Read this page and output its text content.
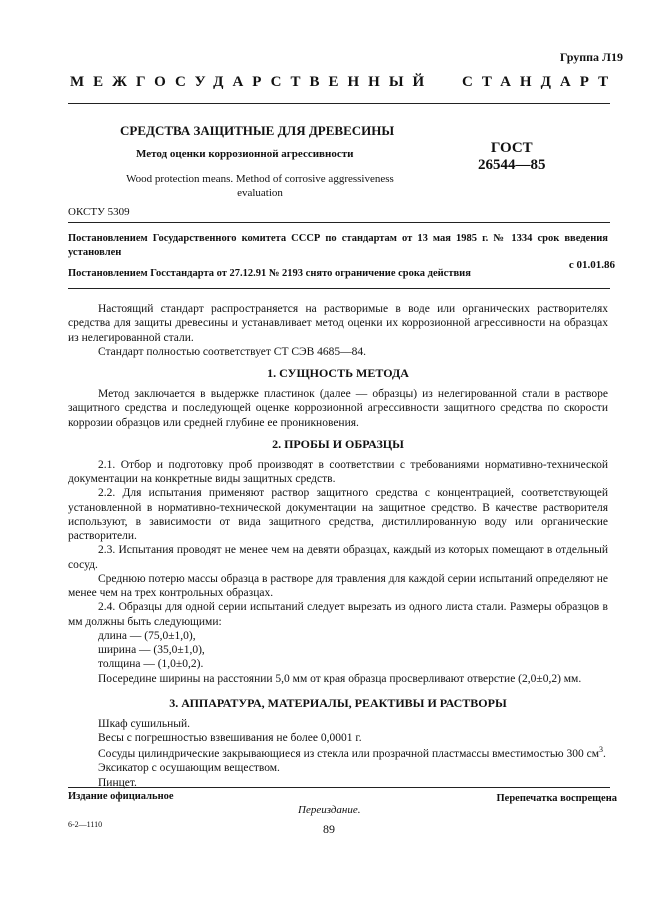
Группа Л19
МЕЖГОСУДАРСТВЕННЫЙ СТАНДАРТ
СРЕДСТВА ЗАЩИТНЫЕ ДЛЯ ДРЕВЕСИНЫ
Метод оценки коррозионной агрессивности
Wood protection means. Method of corrosive aggressiveness
evaluation
ГОСТ
26544—85
ОКСТУ 5309
Постановлением Государственного комитета СССР по стандартам от 13 мая 1985 г. № 1334 срок введения установлен
с 01.01.86
Постановлением Госстандарта от 27.12.91 № 2193 снято ограничение срока действия

Настоящий стандарт распространяется на растворимые в воде или органических растворителях средства для защиты древесины и устанавливает метод оценки их коррозионной агрессивности на образцах из нелегированной стали.

Стандарт полностью соответствует СТ СЭВ 4685—84.

1. СУЩНОСТЬ МЕТОДА

Метод заключается в выдержке пластинок (далее — образцы) из нелегированной стали в растворе защитного средства и последующей оценке коррозионной агрессивности защитного средства по скорости коррозии образцов или средней глубине ее проникновения.

2. ПРОБЫ И ОБРАЗЦЫ

2.1. Отбор и подготовку проб производят в соответствии с требованиями нормативно-технической документации на конкретные виды защитных средств.

2.2. Для испытания применяют раствор защитного средства с концентрацией, соответствующей установленной в нормативно-технической документации на защитное средство. В качестве растворителя используют, в зависимости от вида защитного средства, дистиллированную воду или органические растворители.

2.3. Испытания проводят не менее чем на девяти образцах, каждый из которых помещают в отдельный сосуд.

Среднюю потерю массы образца в растворе для травления для каждой серии испытаний определяют не менее чем на трех контрольных образцах.

2.4. Образцы для одной серии испытаний следует вырезать из одного листа стали. Размеры образцов в мм должны быть следующими:

длина — (75,0±1,0),

ширина — (35,0±1,0),

толщина — (1,0±0,2).

Посередине ширины на расстоянии 5,0 мм от края образца просверливают отверстие (2,0±0,2) мм.

3. АППАРАТУРА, МАТЕРИАЛЫ, РЕАКТИВЫ И РАСТВОРЫ

Шкаф сушильный.

Весы с погрешностью взвешивания не более 0,0001 г.

Сосуды цилиндрические закрывающиеся из стекла или прозрачной пластмассы вместимостью 300 $см^3$.

Эксикатор с осушающим веществом.

Пинцет.

Издание официальное	Перепечатка воспрещена
Переиздание.
89
6-2—1110
